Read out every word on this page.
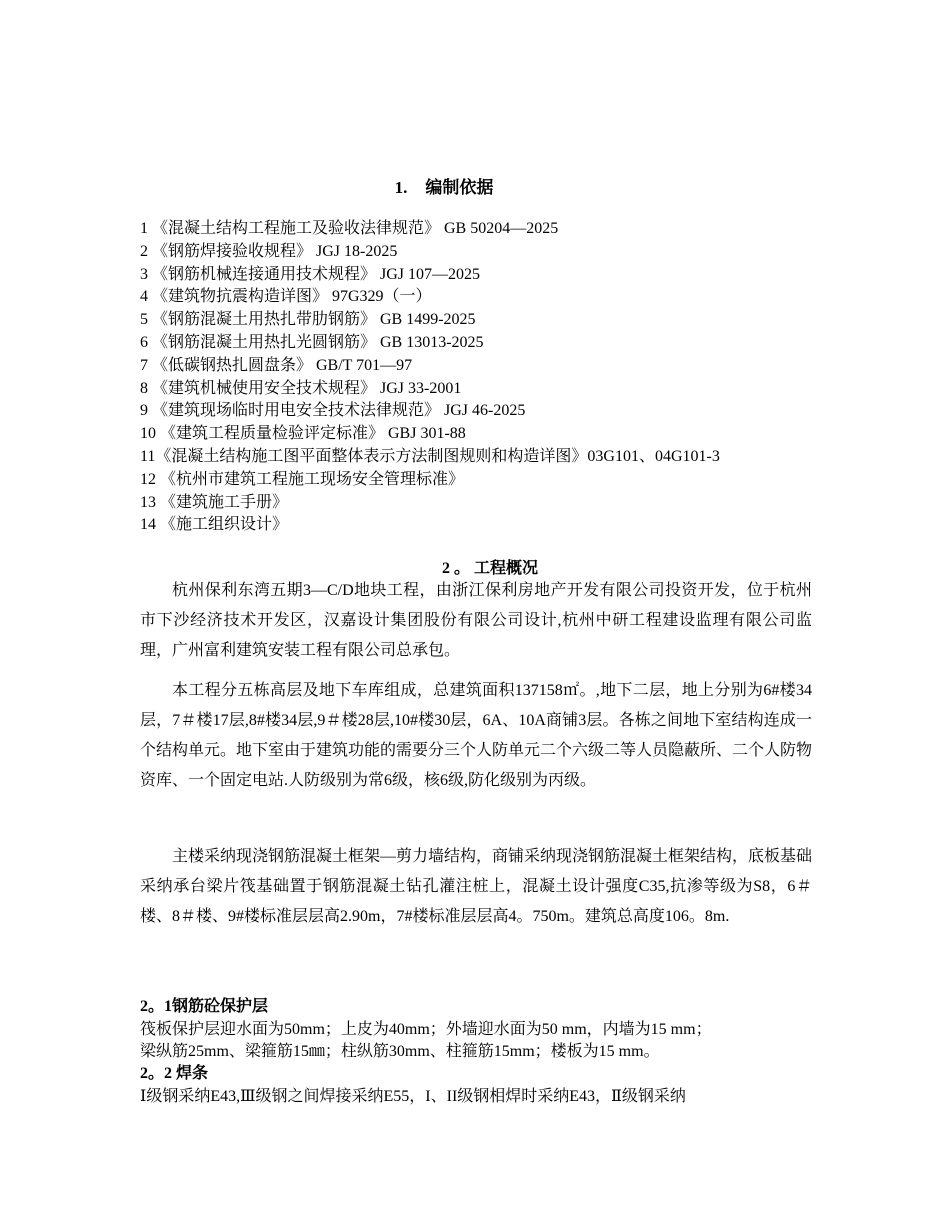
1. 编制依据
1 《混凝土结构工程施工及验收法律规范》 GB 50204—2025
2 《钢筋焊接验收规程》 JGJ 18-2025
3 《钢筋机械连接通用技术规程》 JGJ 107—2025
4 《建筑物抗震构造详图》 97G329（一）
5 《钢筋混凝土用热扎带肋钢筋》 GB 1499-2025
6 《钢筋混凝土用热扎光圆钢筋》 GB 13013-2025
7 《低碳钢热扎圆盘条》 GB/T 701—97
8 《建筑机械使用安全技术规程》 JGJ 33-2001
9 《建筑现场临时用电安全技术法律规范》 JGJ 46-2025
10 《建筑工程质量检验评定标准》 GBJ 301-88
11《混凝土结构施工图平面整体表示方法制图规则和构造详图》03G101、04G101-3
12 《杭州市建筑工程施工现场安全管理标准》
13 《建筑施工手册》
14 《施工组织设计》
2 。 工程概况

杭州保利东湾五期3—C/D地块工程，由浙江保利房地产开发有限公司投资开发，位于杭州市下沙经济技术开发区，汉嘉设计集团股份有限公司设计,杭州中研工程建设监理有限公司监理，广州富利建筑安装工程有限公司总承包。

本工程分五栋高层及地下车库组成，总建筑面积137158㎡。,地下二层，地上分别为6#楼34层，7＃楼17层,8#楼34层,9＃楼28层,10#楼30层，6A、10A商铺3层。各栋之间地下室结构连成一个结构单元。地下室由于建筑功能的需要分三个人防单元二个六级二等人员隐蔽所、二个人防物资库、一个固定电站.人防级别为常6级，核6级,防化级别为丙级。

主楼采纳现浇钢筋混凝土框架—剪力墙结构，商铺采纳现浇钢筋混凝土框架结构，底板基础采纳承台梁片筏基础置于钢筋混凝土钻孔灌注桩上，混凝土设计强度C35,抗渗等级为S8，6＃楼、8＃楼、9#楼标准层层高2.90m，7#楼标准层层高4。750m。建筑总高度106。8m.

2。1钢筋砼保护层

筏板保护层迎水面为50mm；上皮为40mm；外墙迎水面为50 mm，内墙为15 mm；

梁纵筋25mm、梁箍筋15㎜；柱纵筋30mm、柱箍筋15mm；楼板为15 mm。

2。2 焊条

Ⅰ级钢采纳E43,Ⅲ级钢之间焊接采纳E55，I、II级钢相焊时采纳E43，Ⅱ级钢采纳
